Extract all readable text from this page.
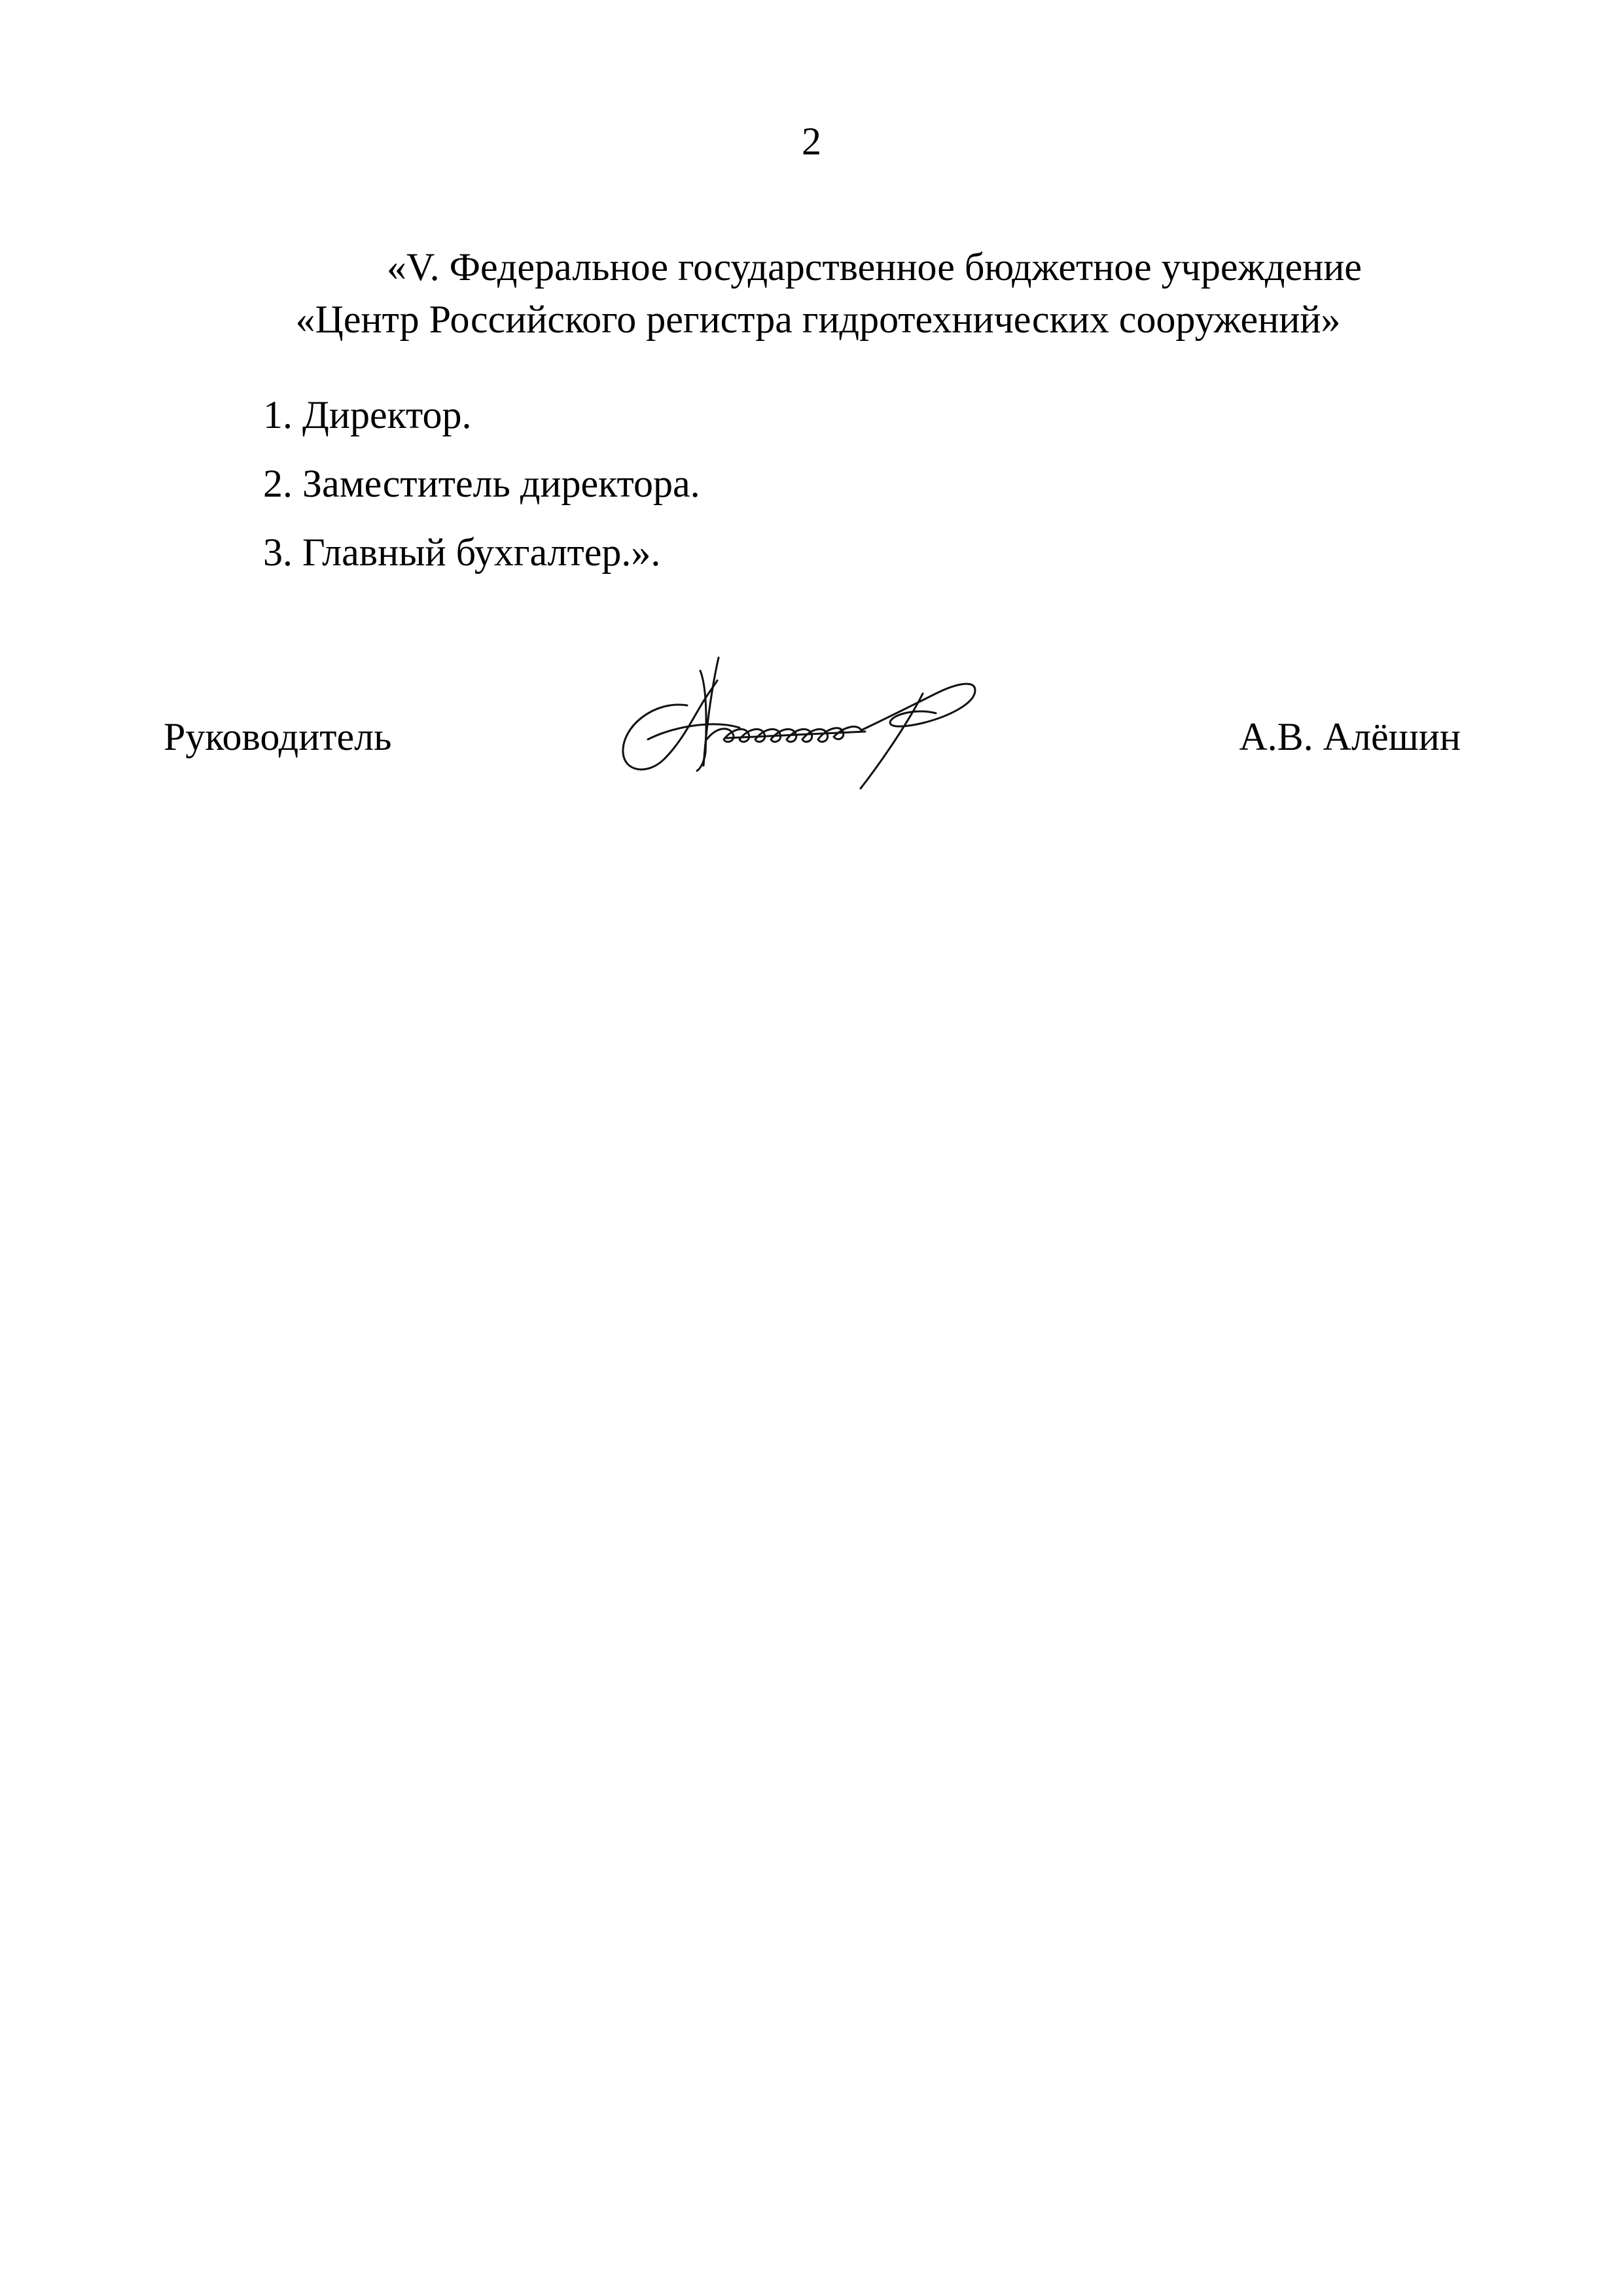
2
«V. Федеральное государственное бюджетное учреждение
«Центр Российского регистра гидротехнических сооружений»
1. Директор.
2. Заместитель директора.
3. Главный бухгалтер.».
Руководитель	А.В. Алёшин
